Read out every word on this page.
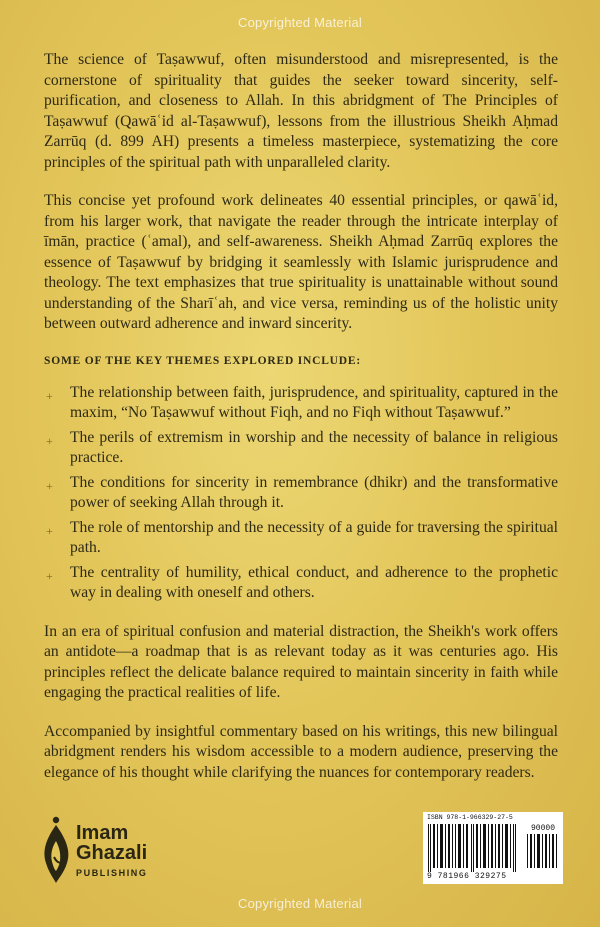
Copyrighted Material

The science of Taṣawwuf, often misunderstood and misrepresented, is the cornerstone of spirituality that guides the seeker toward sincerity, self-purification, and closeness to Allah. In this abridgment of The Principles of Taṣawwuf (Qawāʿid al-Taṣawwuf), lessons from the illustrious Sheikh Aḥmad Zarrūq (d. 899 AH) presents a timeless masterpiece, systematizing the core principles of the spiritual path with unparalleled clarity.

This concise yet profound work delineates 40 essential principles, or qawāʿid, from his larger work, that navigate the reader through the intricate interplay of īmān, practice (ʿamal), and self-awareness. Sheikh Aḥmad Zarrūq explores the essence of Taṣawwuf by bridging it seamlessly with Islamic jurisprudence and theology. The text emphasizes that true spirituality is unattainable without sound understanding of the Sharīʿah, and vice versa, reminding us of the holistic unity between outward adherence and inward sincerity.

SOME OF THE KEY THEMES EXPLORED INCLUDE:
+ The relationship between faith, jurisprudence, and spirituality, captured in the maxim, “No Taṣawwuf without Fiqh, and no Fiqh without Taṣawwuf.”
+ The perils of extremism in worship and the necessity of balance in religious practice.
+ The conditions for sincerity in remembrance (dhikr) and the transformative power of seeking Allah through it.
+ The role of mentorship and the necessity of a guide for traversing the spiritual path.
+ The centrality of humility, ethical conduct, and adherence to the prophetic way in dealing with oneself and others.

In an era of spiritual confusion and material distraction, the Sheikh's work offers an antidote—a roadmap that is as relevant today as it was centuries ago. His principles reflect the delicate balance required to maintain sincerity in faith while engaging the practical realities of life.

Accompanied by insightful commentary based on his writings, this new bilingual abridgment renders his wisdom accessible to a modern audience, preserving the elegance of his thought while clarifying the nuances for contemporary readers.

Imam
Ghazali
PUBLISHING
ISBN 978-1-966329-27-5
90000
9 781966 329275
Copyrighted Material
